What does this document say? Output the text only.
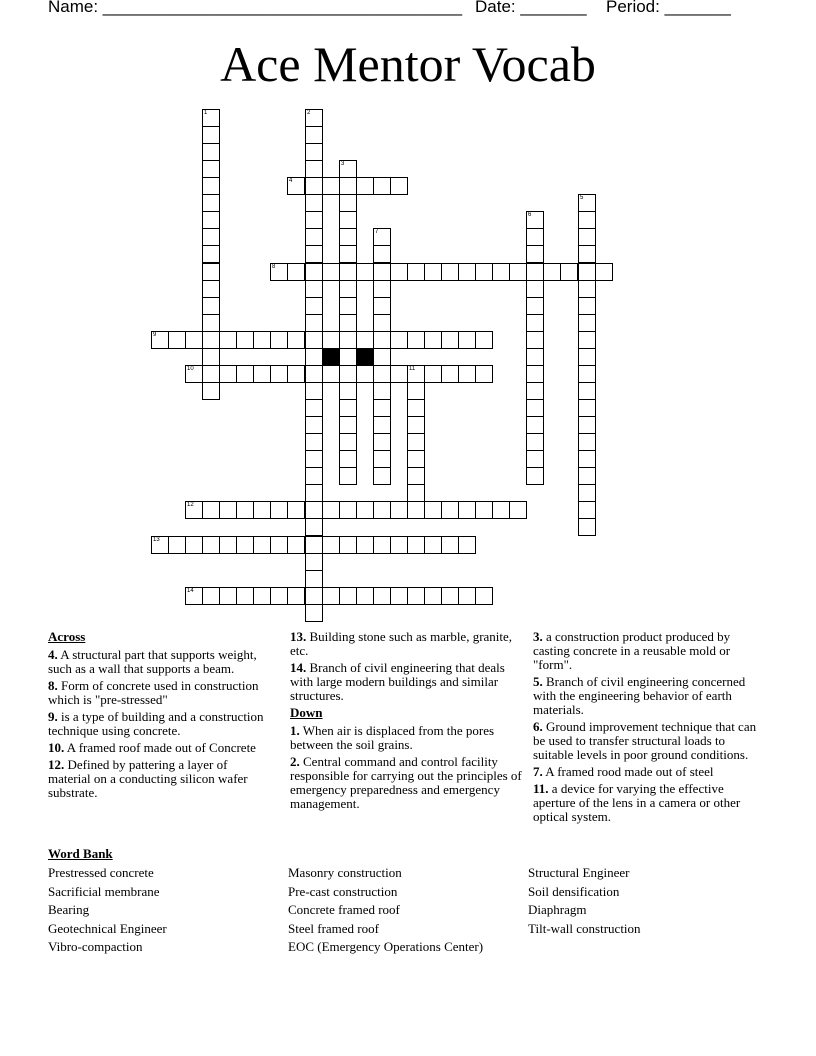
Name: ______________________________________ Date: _______ Period: _______
Ace Mentor Vocab
1	2
3
4
5
6
7
8
9
10	11
12
13
14
Across
4. A structural part that supports weight, such as a wall that supports a beam.
8. Form of concrete used in construction which is "pre-stressed"
9. is a type of building and a construction technique using concrete.
10. A framed roof made out of Concrete
12. Defined by pattering a layer of material on a conducting silicon wafer substrate.
13. Building stone such as marble, granite, etc.
14. Branch of civil engineering that deals with large modern buildings and similar structures.
Down
1. When air is displaced from the pores between the soil grains.
2. Central command and control facility responsible for carrying out the principles of emergency preparedness and emergency management.
3. a construction product produced by casting concrete in a reusable mold or "form".
5. Branch of civil engineering concerned with the engineering behavior of earth materials.
6. Ground improvement technique that can be used to transfer structural loads to suitable levels in poor ground conditions.
7. A framed rood made out of steel
11. a device for varying the effective aperture of the lens in a camera or other optical system.
Word Bank
Prestressed concrete
Sacrificial membrane
Bearing
Geotechnical Engineer
Vibro-compaction
Masonry construction
Pre-cast construction
Concrete framed roof
Steel framed roof
EOC (Emergency Operations Center)
Structural Engineer
Soil densification
Diaphragm
Tilt-wall construction
